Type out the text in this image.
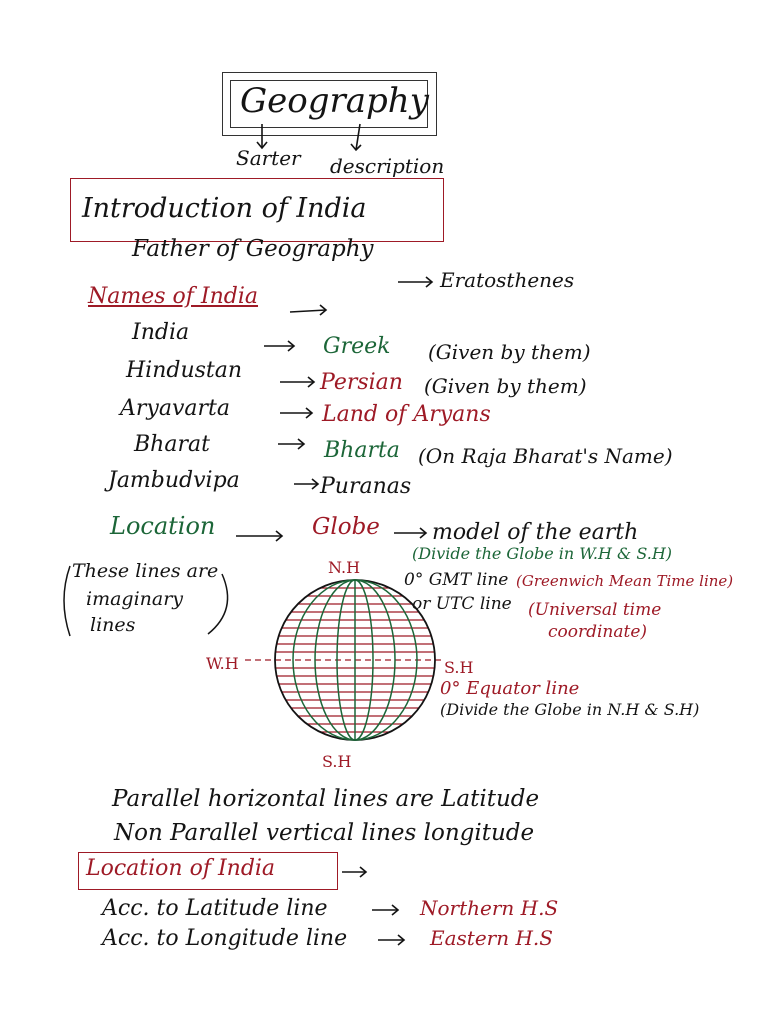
Geography
Sarter description
Introduction of India
Father of Geography
Eratosthenes
Names of India
India
Greek (Given by them)
Hindustan	Persian (Given by them)
Aryavarta	Land of Aryans
Bharat	Bharta (On Raja Bharat's Name)
Jambudvipa	Puranas
Location	Globe model of the earth
(Divide the Globe in W.H & S.H)
These lines are
imaginary
lines
N.H
S.H
W.H	S.H
0° GMT line (Greenwich Mean Time line)
or UTC line (Universal time
coordinate)
0° Equator line
(Divide the Globe in N.H & S.H)
Parallel horizontal lines are Latitude
Non Parallel vertical lines longitude
Location of India
Acc. to Latitude line	Northern H.S
Acc. to Longitude line	Eastern H.S
